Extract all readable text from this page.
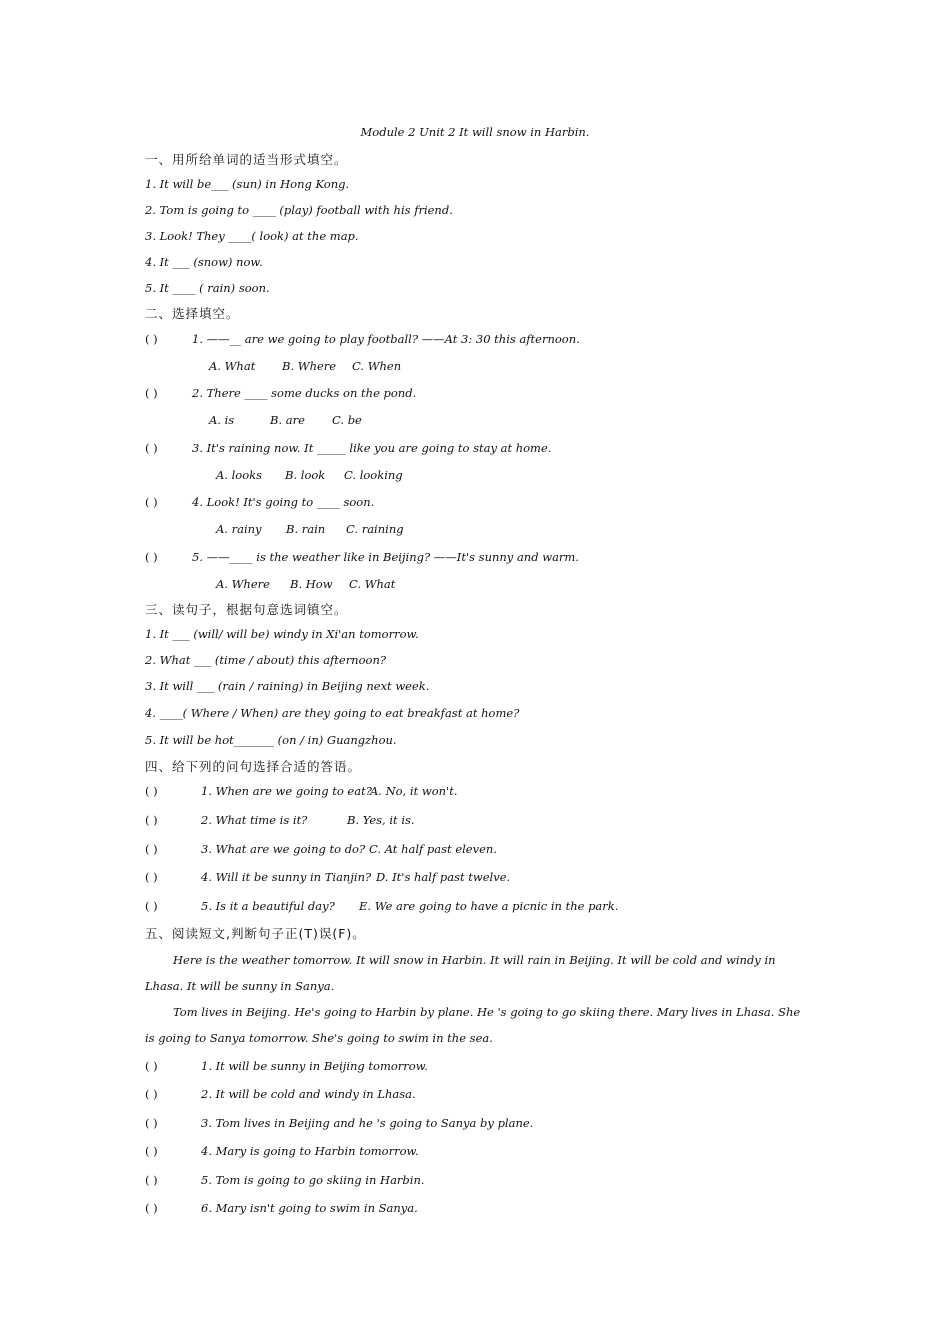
Module 2 Unit 2 It will snow in Harbin.
一、用所给单词的适当形式填空。
1. It will be___ (sun) in Hong Kong.
2. Tom is going to ____ (play) football with his friend.
3. Look! They ____( look) at the map.
4. It ___ (snow) now.
5. It ____ ( rain) soon.
二、选择填空。
( )	1. ——__ are we going to play football? ——At 3: 30 this afternoon.
A. What B. Where C. When
( )	2. There ____ some ducks on the pond.
A. is	B. are C. be
( )	3. It's raining now. It _____ like you are going to stay at home.
A. looks B. look C. looking
( )	4. Look! It's going to ____ soon.
A. rainy B. rain C. raining
( )	5. ——____ is the weather like in Beijing? ——It's sunny and warm.
A. Where B. How C. What
三、读句子，根据句意选词镇空。
1. It ___ (will/ will be) windy in Xi'an tomorrow.
2. What ___ (time / about) this afternoon?
3. It will ___ (rain / raining) in Beijing next week.
4. ____( Where / When) are they going to eat breakfast at home?
5. It will be hot_______ (on / in) Guangzhou.
四、给下列的问句选择合适的答语。
( )	1. When are we going to eat?A. No, it won't.
( )	2. What time is it?	B. Yes, it is.
( )	3. What are we going to do? C. At half past eleven.
( )	4. Will it be sunny in Tianjin? D. It's half past twelve.
( )	5. Is it a beautiful day? E. We are going to have a picnic in the park.
五、阅读短文,判断句子正(T)误(F)。
Here is the weather tomorrow. It will snow in Harbin. It will rain in Beijing. It will be cold and windy in Lhasa. It will be sunny in Sanya.
Tom lives in Beijing. He's going to Harbin by plane. He 's going to go skiing there. Mary lives in Lhasa. She is going to Sanya tomorrow. She's going to swim in the sea.
( )	1. It will be sunny in Beijing tomorrow.
( )	2. It will be cold and windy in Lhasa.
( )	3. Tom lives in Beijing and he 's going to Sanya by plane.
( )	4. Mary is going to Harbin tomorrow.
( )	5. Tom is going to go skiing in Harbin.
( )	6. Mary isn't going to swim in Sanya.
